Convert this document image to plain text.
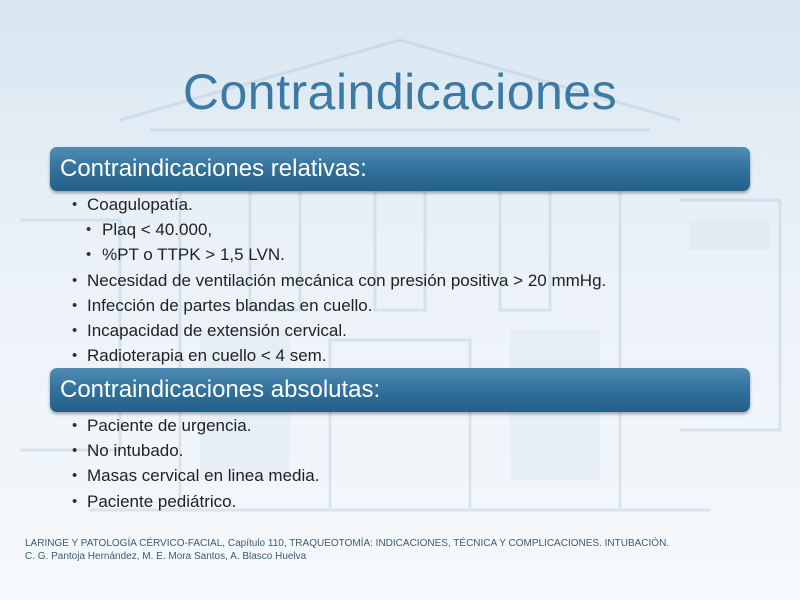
Contraindicaciones
Contraindicaciones relativas:
• Coagulopatía.
• Plaq < 40.000,
• %PT o TTPK > 1,5 LVN.
• Necesidad de ventilación mecánica con presión positiva > 20 mmHg.
• Infección de partes blandas en cuello.
• Incapacidad de extensión cervical.
• Radioterapia en cuello < 4 sem.
Contraindicaciones absolutas:
• Paciente de urgencia.
• No intubado.
• Masas cervical en linea media.
• Paciente pediátrico.
LARINGE Y PATOLOGÍA CÉRVICO-FACIAL, Capítulo 110, TRAQUEOTOMÍA: INDICACIONES, TÉCNICA Y COMPLICACIONES. INTUBACIÓN.
C. G. Pantoja Hernández, M. E. Mora Santos, A. Blasco Huelva
